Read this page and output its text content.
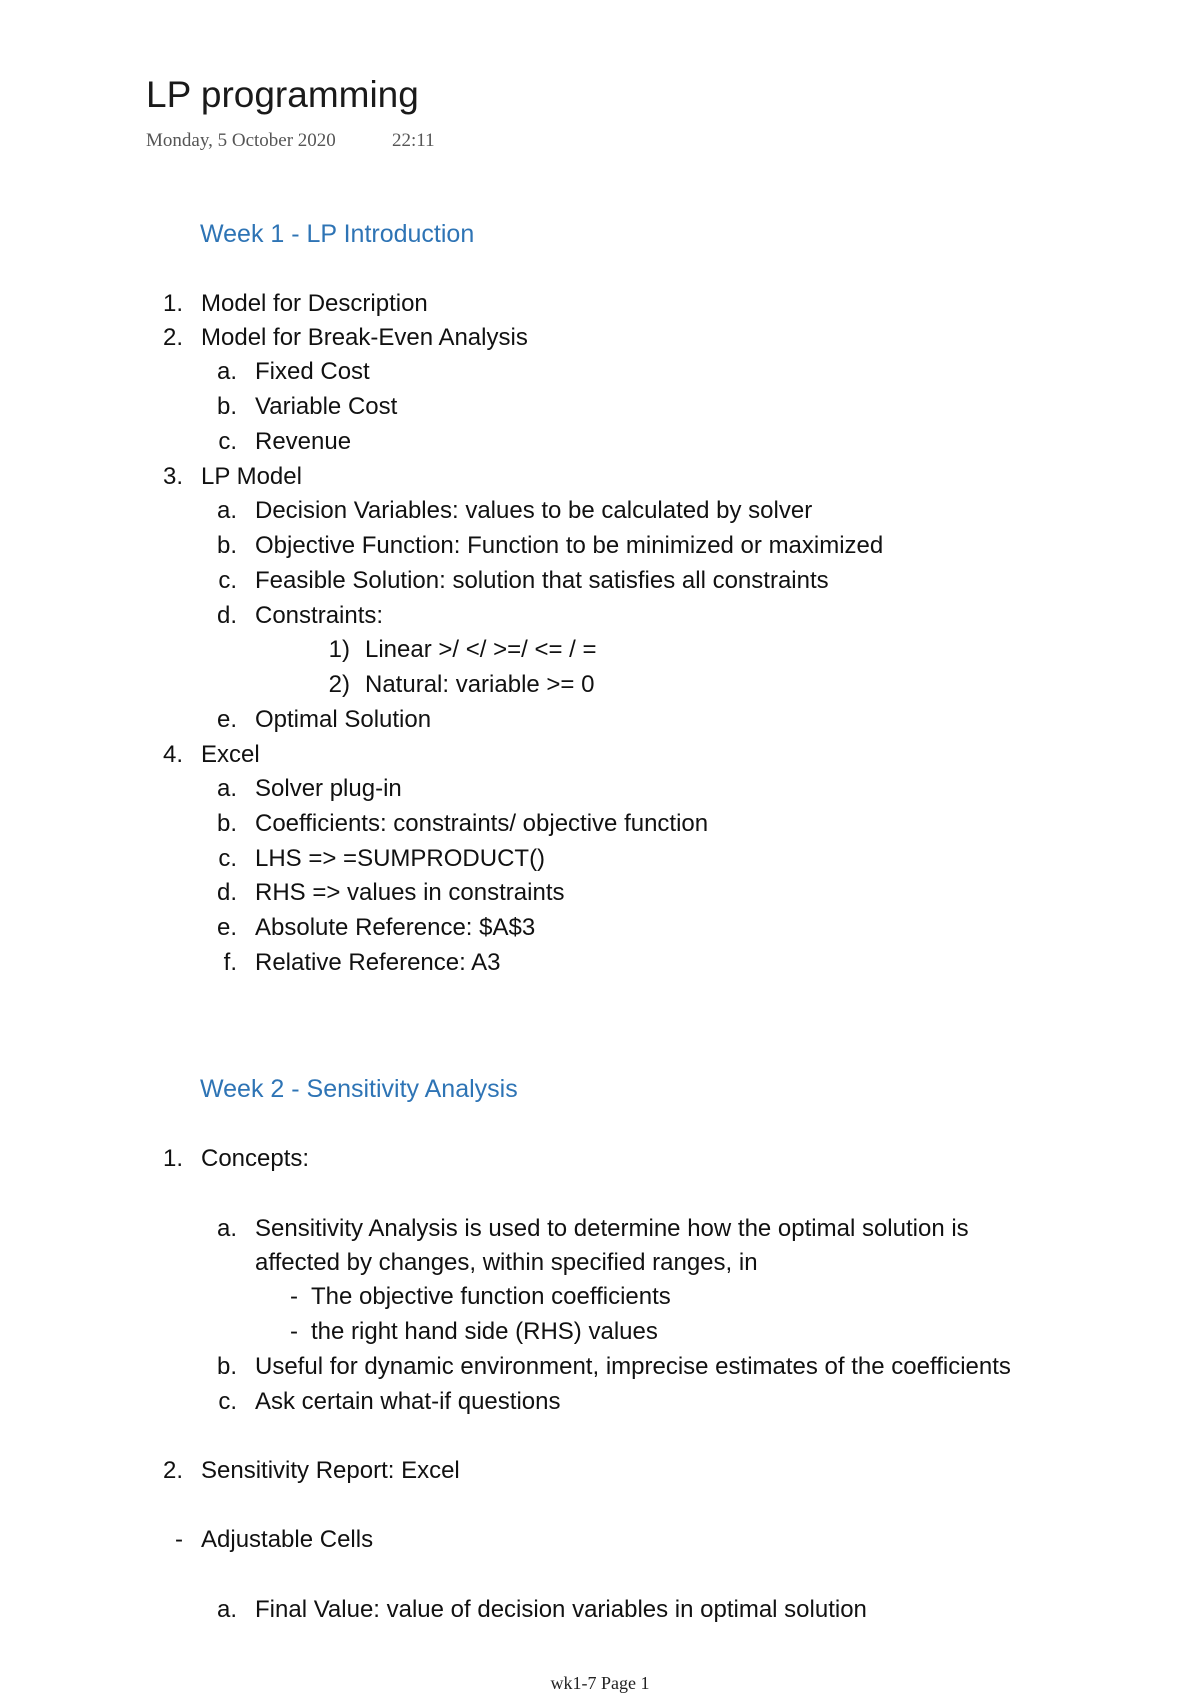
LP programming
Monday, 5 October 2020	22:11
Week 1 - LP Introduction
1. Model for Description
2. Model for Break-Even Analysis
a. Fixed Cost
b. Variable Cost
c. Revenue
3. LP Model
a. Decision Variables: values to be calculated by solver
b. Objective Function: Function to be minimized or maximized
c. Feasible Solution: solution that satisfies all constraints
d. Constraints:
1) Linear >/ </ >=/ <= / =
2) Natural: variable >= 0
e. Optimal Solution
4. Excel
a. Solver plug-in
b. Coefficients: constraints/ objective function
c. LHS => =SUMPRODUCT()
d. RHS => values in constraints
e. Absolute Reference: $A$3
f. Relative Reference: A3
Week 2 - Sensitivity Analysis
1. Concepts:
a. Sensitivity Analysis is used to determine how the optimal solution is
affected by changes, within specified ranges, in
- The objective function coefficients
- the right hand side (RHS) values
b. Useful for dynamic environment, imprecise estimates of the coefficients
c. Ask certain what-if questions
2. Sensitivity Report: Excel
- Adjustable Cells
a. Final Value: value of decision variables in optimal solution
wk1-7 Page 1
